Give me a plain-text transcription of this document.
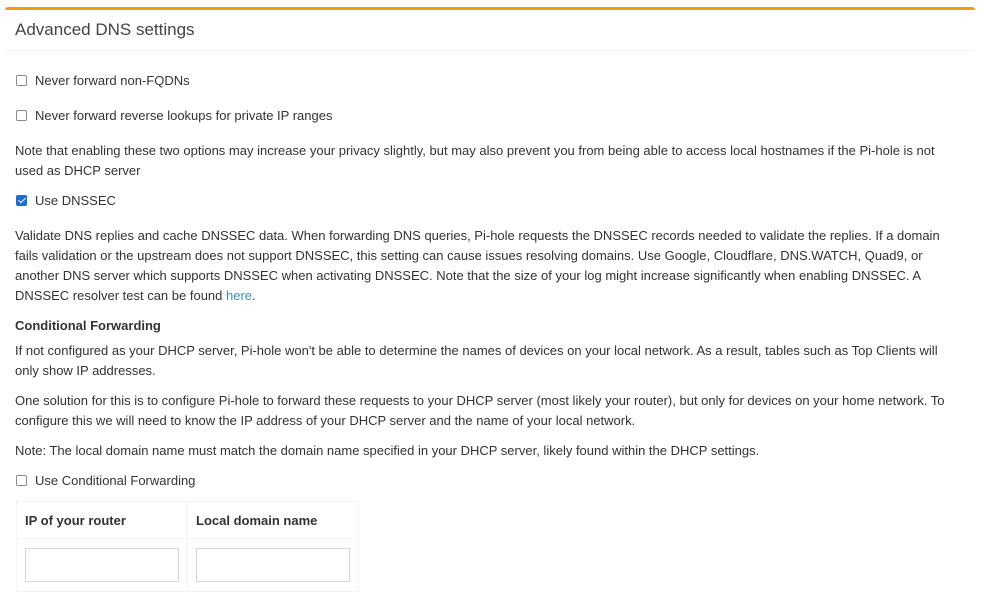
Advanced DNS settings
Never forward non-FQDNs
Never forward reverse lookups for private IP ranges
Note that enabling these two options may increase your privacy slightly, but may also prevent you from being able to access local hostnames if the Pi-hole is not used as DHCP server
Use DNSSEC
Validate DNS replies and cache DNSSEC data. When forwarding DNS queries, Pi-hole requests the DNSSEC records needed to validate the replies. If a domain fails validation or the upstream does not support DNSSEC, this setting can cause issues resolving domains. Use Google, Cloudflare, DNS.WATCH, Quad9, or another DNS server which supports DNSSEC when activating DNSSEC. Note that the size of your log might increase significantly when enabling DNSSEC. A DNSSEC resolver test can be found here.
Conditional Forwarding
If not configured as your DHCP server, Pi-hole won't be able to determine the names of devices on your local network. As a result, tables such as Top Clients will only show IP addresses.
One solution for this is to configure Pi-hole to forward these requests to your DHCP server (most likely your router), but only for devices on your home network. To configure this we will need to know the IP address of your DHCP server and the name of your local network.
Note: The local domain name must match the domain name specified in your DHCP server, likely found within the DHCP settings.
Use Conditional Forwarding
IP of your router	Local domain name
